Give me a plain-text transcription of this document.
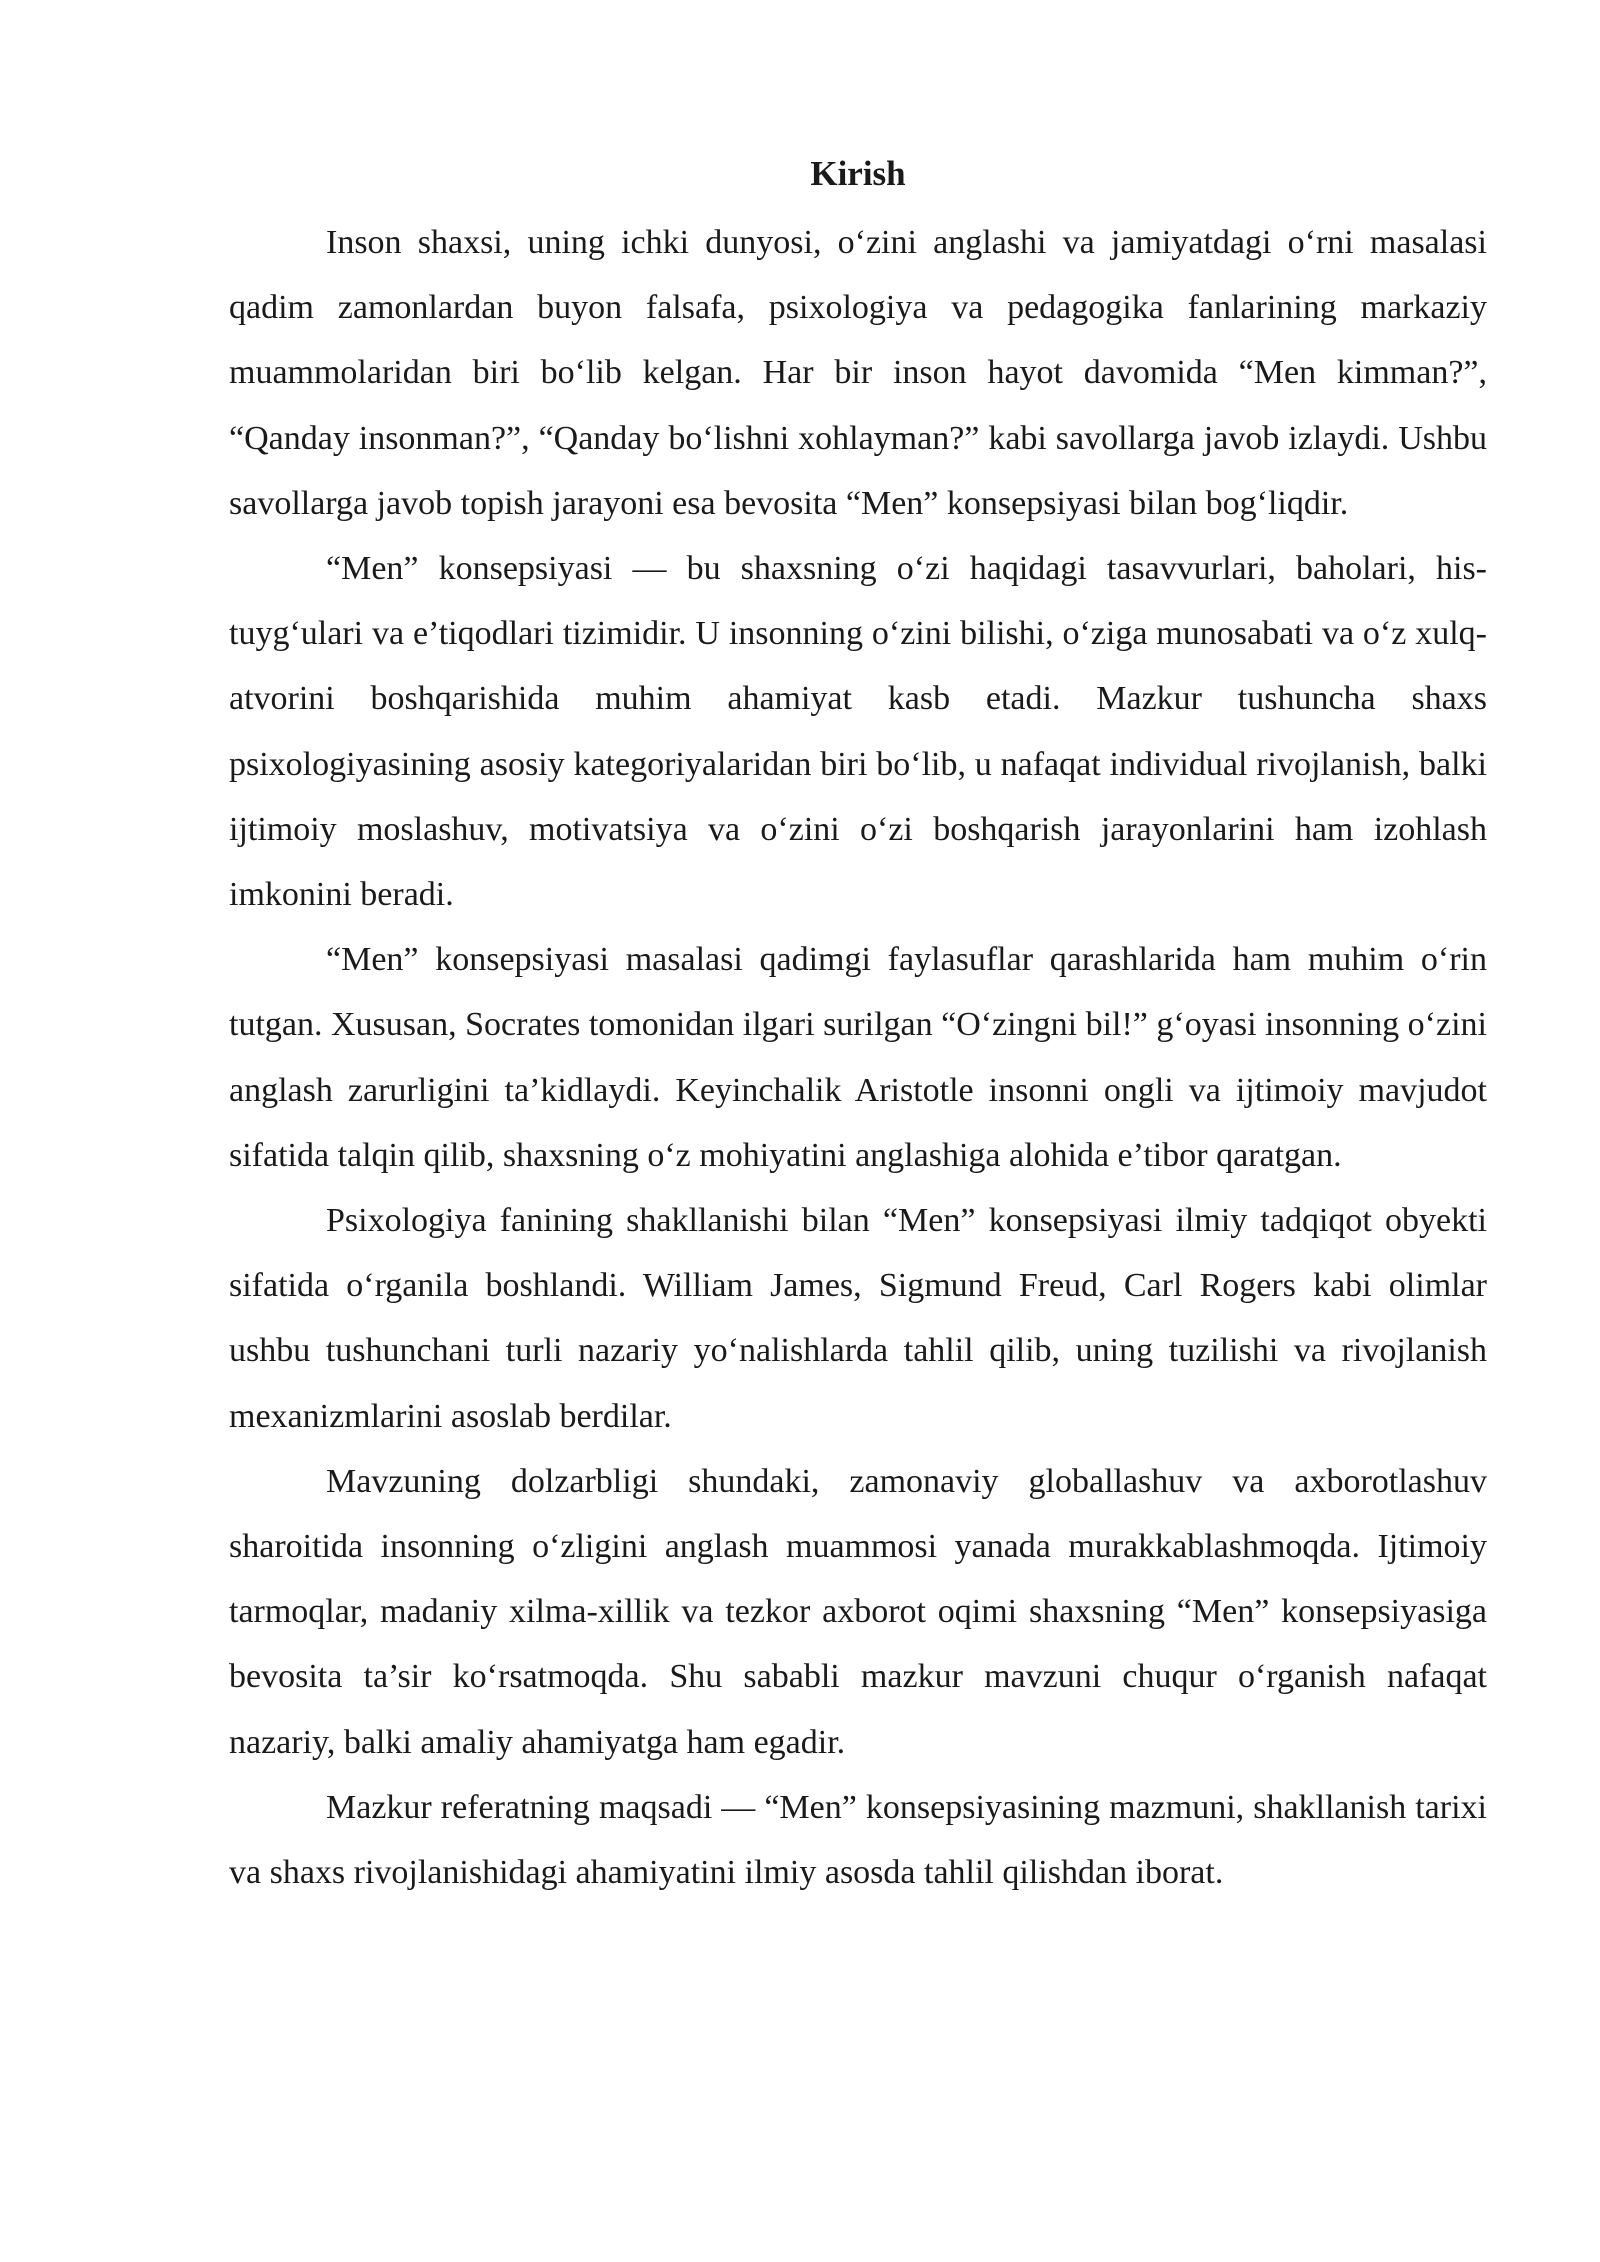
Kirish

Inson shaxsi, uning ichki dunyosi, o‘zini anglashi va jamiyatdagi o‘rni masalasi qadim zamonlardan buyon falsafa, psixologiya va pedagogika fanlarining markaziy muammolaridan biri bo‘lib kelgan. Har bir inson hayot davomida “Men kimman?”, “Qanday insonman?”, “Qanday bo‘lishni xohlayman?” kabi savollarga javob izlaydi. Ushbu savollarga javob topish jarayoni esa bevosita “Men” konsepsiyasi bilan bog‘liqdir.

“Men” konsepsiyasi — bu shaxsning o‘zi haqidagi tasavvurlari, baholari, his-tuyg‘ulari va e’tiqodlari tizimidir. U insonning o‘zini bilishi, o‘ziga munosabati va o‘z xulq-atvorini boshqarishida muhim ahamiyat kasb etadi. Mazkur tushuncha shaxs psixologiyasining asosiy kategoriyalaridan biri bo‘lib, u nafaqat individual rivojlanish, balki ijtimoiy moslashuv, motivatsiya va o‘zini o‘zi boshqarish jarayonlarini ham izohlash imkonini beradi.

“Men” konsepsiyasi masalasi qadimgi faylasuflar qarashlarida ham muhim o‘rin tutgan. Xususan, Socrates tomonidan ilgari surilgan “O‘zingni bil!” g‘oyasi insonning o‘zini anglash zarurligini ta’kidlaydi. Keyinchalik Aristotle insonni ongli va ijtimoiy mavjudot sifatida talqin qilib, shaxsning o‘z mohiyatini anglashiga alohida e’tibor qaratgan.

Psixologiya fanining shakllanishi bilan “Men” konsepsiyasi ilmiy tadqiqot obyekti sifatida o‘rganila boshlandi. William James, Sigmund Freud, Carl Rogers kabi olimlar ushbu tushunchani turli nazariy yo‘nalishlarda tahlil qilib, uning tuzilishi va rivojlanish mexanizmlarini asoslab berdilar.

Mavzuning dolzarbligi shundaki, zamonaviy globallashuv va axborotlashuv sharoitida insonning o‘zligini anglash muammosi yanada murakkablashmoqda. Ijtimoiy tarmoqlar, madaniy xilma-xillik va tezkor axborot oqimi shaxsning “Men” konsepsiyasiga bevosita ta’sir ko‘rsatmoqda. Shu sababli mazkur mavzuni chuqur o‘rganish nafaqat nazariy, balki amaliy ahamiyatga ham egadir.

Mazkur referatning maqsadi — “Men” konsepsiyasining mazmuni, shakllanish tarixi va shaxs rivojlanishidagi ahamiyatini ilmiy asosda tahlil qilishdan iborat.
